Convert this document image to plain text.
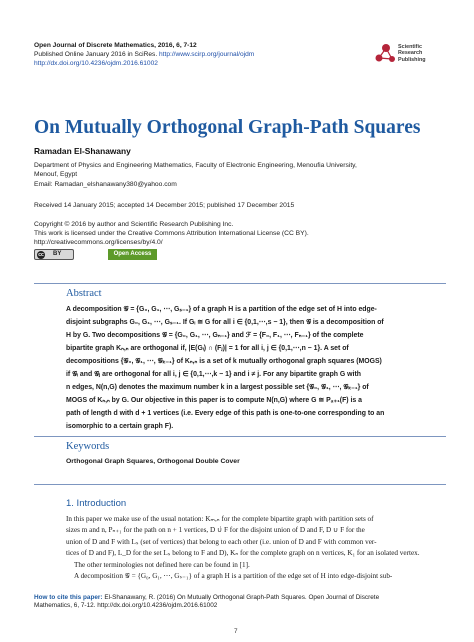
Open Journal of Discrete Mathematics, 2016, 6, 7-12
Published Online January 2016 in SciRes. http://www.scirp.org/journal/ojdm
http://dx.doi.org/10.4236/ojdm.2016.61002
Scientific
Research
Publishing
On Mutually Orthogonal Graph-Path Squares
Ramadan El-Shanawany
Department of Physics and Engineering Mathematics, Faculty of Electronic Engineering, Menoufia University,
Menouf, Egypt
Email: Ramadan_elshanawany380@yahoo.com
Received 14 January 2015; accepted 14 December 2015; published 17 December 2015
Copyright © 2016 by author and Scientific Research Publishing Inc.
This work is licensed under the Creative Commons Attribution International License (CC BY).
http://creativecommons.org/licenses/by/4.0/
cc BY	Open Access
Abstract
A decomposition 𝒢 = {G₀, G₁, ⋯, Gₛ₋₁} of a graph H is a partition of the edge set of H into edge-
disjoint subgraphs G₀, G₁, ⋯, Gₛ₋₁. If Gᵢ ≅ G for all i ∈ {0,1,⋯,s − 1}, then 𝒢 is a decomposition of
H by G. Two decompositions 𝒢 = {G₀, G₁, ⋯, Gₙ₋₁} and ℱ = {F₀, F₁, ⋯, Fₙ₋₁} of the complete
bipartite graph Kₙ,ₙ are orthogonal if, |E(Gᵢ) ∩ (Fⱼ)| = 1 for all i, j ∈ {0,1,⋯,n − 1}. A set of
decompositions {𝒢₀, 𝒢₁, ⋯, 𝒢ₖ₋₁} of Kₙ,ₙ is a set of k mutually orthogonal graph squares (MOGS)
if 𝒢ᵢ and 𝒢ⱼ are orthogonal for all i, j ∈ {0,1,⋯,k − 1} and i ≠ j. For any bipartite graph G with
n edges, N(n,G) denotes the maximum number k in a largest possible set {𝒢₀, 𝒢₁, ⋯, 𝒢ₖ₋₁} of
MOGS of Kₙ,ₙ by G. Our objective in this paper is to compute N(n,G) where G ≅ Pₐ₊₁(F) is a
path of length d with d + 1 vertices (i.e. Every edge of this path is one-to-one corresponding to an
isomorphic to a certain graph F).
Keywords
Orthogonal Graph Squares, Orthogonal Double Cover
1. Introduction
In this paper we make use of the usual notation: Kₘ,ₙ for the complete bipartite graph with partition sets of
sizes m and n, Pₙ₊₁ for the path on n + 1 vertices, D ∪̇ F for the disjoint union of D and F, D ∪ F for the
union of D and F with Lₛ (set of vertices) that belong to each other (i.e. union of D and F with common ver-
tices of D and F), L_D for the set Lₛ belong to F and D), Kₙ for the complete graph on n vertices, K₁ for an isolated vertex.
The other terminologies not defined here can be found in [1].
A decomposition 𝒢 = {G₀, G₁, ⋯, Gₛ₋₁} of a graph H is a partition of the edge set of H into edge-disjoint sub-
How to cite this paper: El-Shanawany, R. (2016) On Mutually Orthogonal Graph-Path Squares. Open Journal of Discrete
Mathematics, 6, 7-12. http://dx.doi.org/10.4236/ojdm.2016.61002
7
